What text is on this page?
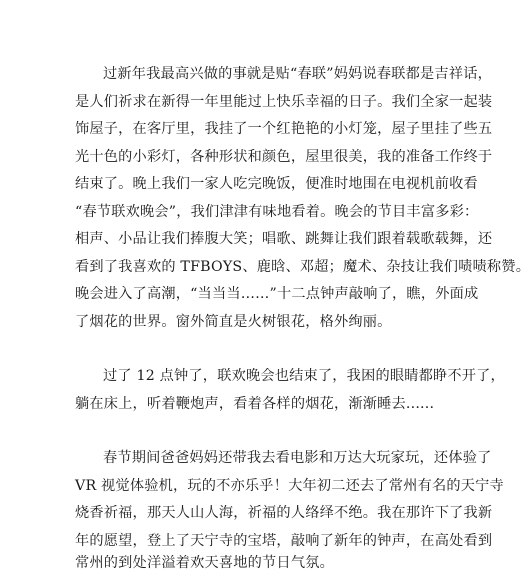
过新年我最高兴做的事就是贴“春联”妈妈说春联都是吉祥话，
是人们祈求在新得一年里能过上快乐幸福的日子。我们全家一起装
饰屋子，在客厅里，我挂了一个红艳艳的小灯笼，屋子里挂了些五
光十色的小彩灯，各种形状和颜色，屋里很美，我的准备工作终于
结束了。晚上我们一家人吃完晚饭，便准时地围在电视机前收看
“春节联欢晚会”，我们津津有味地看着。晚会的节目丰富多彩：
相声、小品让我们捧腹大笑；唱歌、跳舞让我们跟着载歌载舞，还
看到了我喜欢的 TFBOYS、鹿晗、邓超；魔术、杂技让我们啧啧称赞。
晚会进入了高潮，“当当当……”十二点钟声敲响了，瞧，外面成
了烟花的世界。窗外简直是火树银花，格外绚丽。
过了 12 点钟了，联欢晚会也结束了，我困的眼睛都睁不开了，
躺在床上，听着鞭炮声，看着各样的烟花，渐渐睡去......
春节期间爸爸妈妈还带我去看电影和万达大玩家玩，还体验了
VR 视觉体验机，玩的不亦乐乎！大年初二还去了常州有名的天宁寺
烧香祈福，那天人山人海，祈福的人络绎不绝。我在那许下了我新
年的愿望，登上了天宁寺的宝塔，敲响了新年的钟声，在高处看到
常州的到处洋溢着欢天喜地的节日气氛。
